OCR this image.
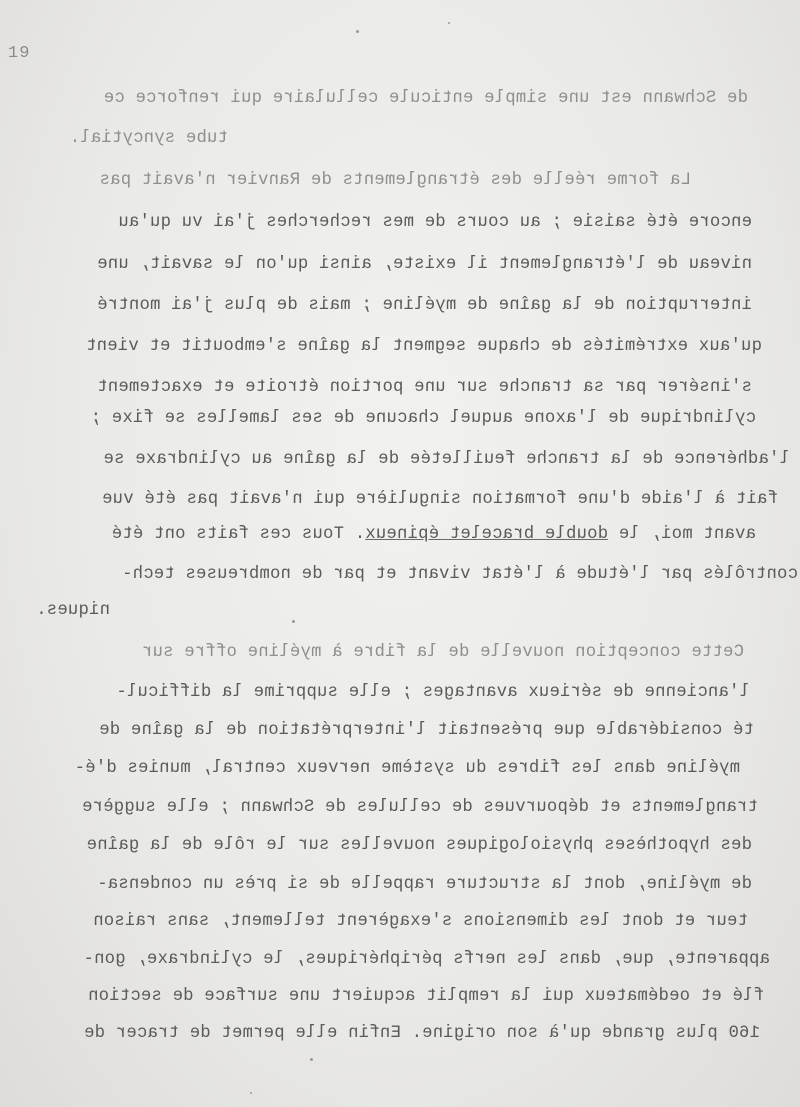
19
de Schwann est une simple enticule cellulaire qui renforce ce
tube syncytial.
La forme réelle des étranglements de Ranvier n'avait pas
encore été saisie ; au cours de mes recherches j'ai vu qu'au
niveau de l'étranglement il existe, ainsi qu'on le savait, une
interruption de la gaîne de myéline ; mais de plus j'ai montré
qu'aux extrémités de chaque segment la gaîne s'emboutit et vient
s'insérer par sa tranche sur une portion étroite et exactement
cylindrique de l'axone auquel chacune de ses lamelles se fixe ;
l'adhérence de la tranche feuilletée de la gaîne au cylindraxe se
fait à l'aide d'une formation singulière qui n'avait pas été vue
avant moi, le double bracelet épineux. Tous ces faits ont été
contrôlés par l'étude à l'état vivant et par de nombreuses tech-
niques.
Cette conception nouvelle de la fibre à myéline offre sur
l'ancienne de sérieux avantages ; elle supprime la difficul-
té considérable que présentait l'interprétation de la gaîne de
myéline dans les fibres du système nerveux central, munies d'é-
tranglements et dépourvues de cellules de Schwann ; elle suggère
des hypothèses physiologiques nouvelles sur le rôle de la gaîne
de myéline, dont la structure rappelle de si près un condensa-
teur et dont les dimensions s'exagèrent tellement, sans raison
apparente, que, dans les nerfs périphériques, le cylindraxe, gon-
flé et oedémateux qui la remplit acquiert une surface de section
160 plus grande qu'à son origine. Enfin elle permet de tracer de
